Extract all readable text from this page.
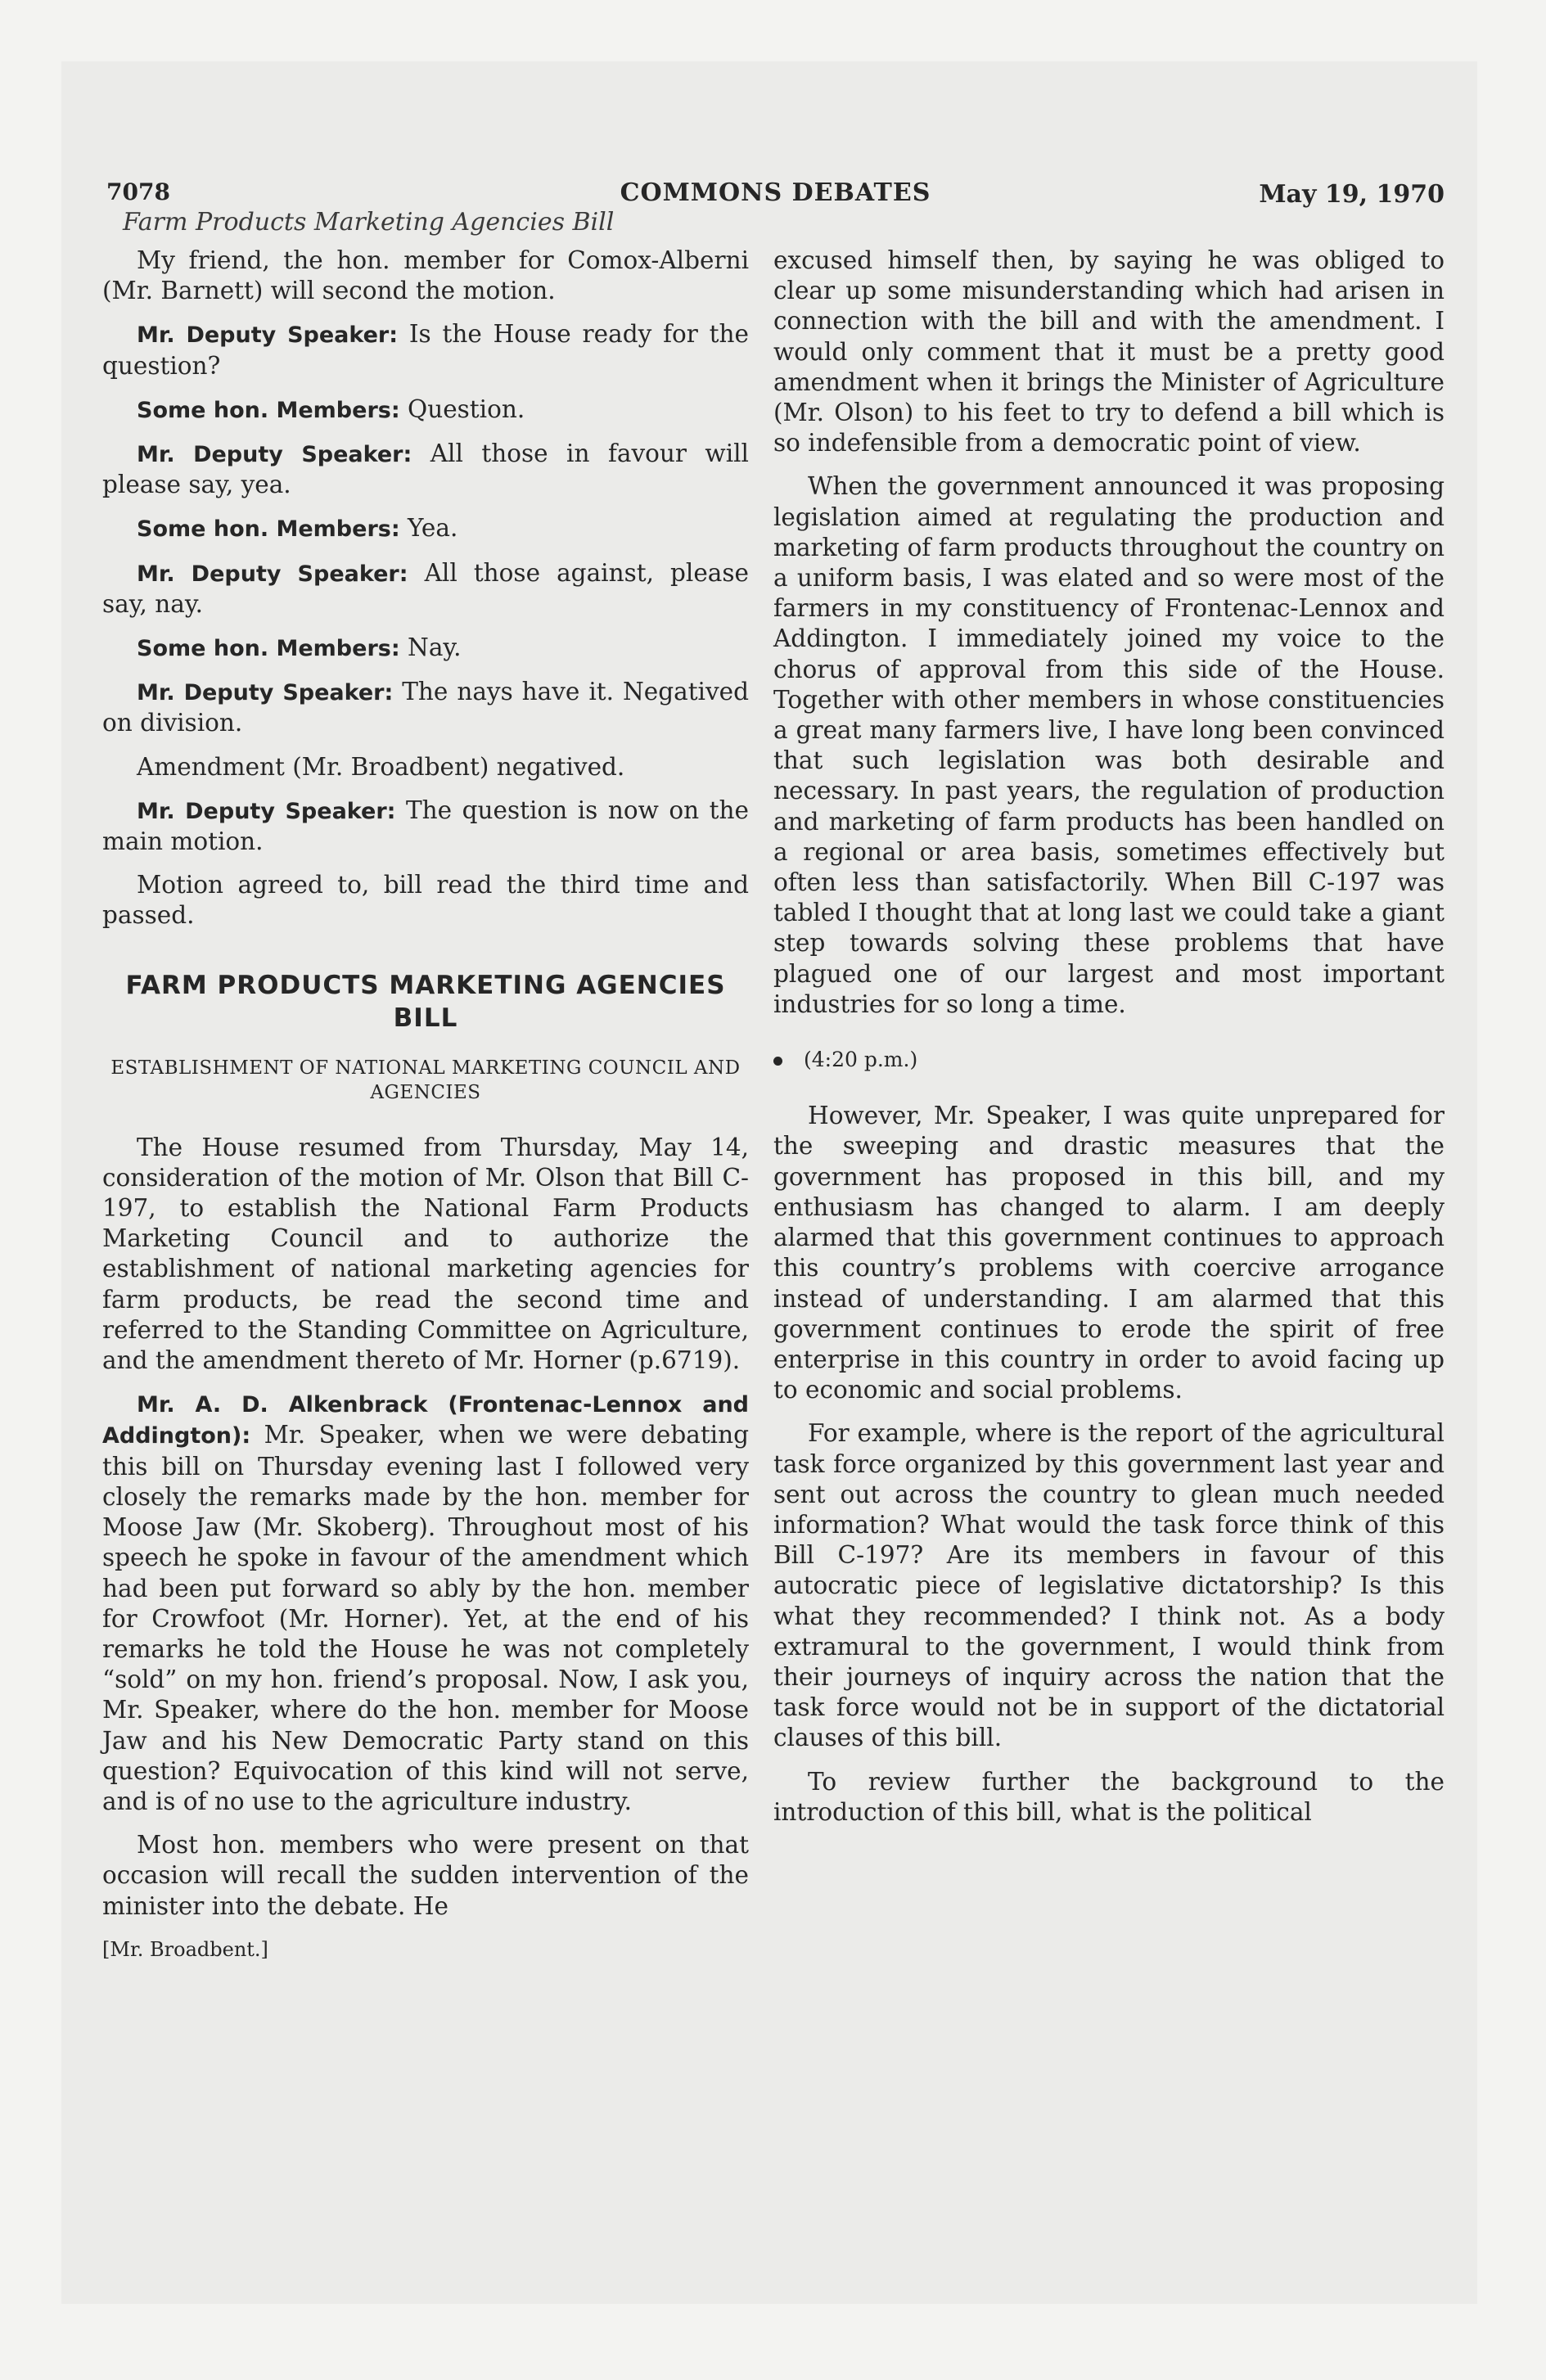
7078	COMMONS DEBATES	May 19, 1970
Farm Products Marketing Agencies Bill

My friend, the hon. member for Comox-Alberni (Mr. Barnett) will second the motion.

Mr. Deputy Speaker: Is the House ready for the question?

Some hon. Members: Question.

Mr. Deputy Speaker: All those in favour will please say, yea.

Some hon. Members: Yea.

Mr. Deputy Speaker: All those against, please say, nay.

Some hon. Members: Nay.

Mr. Deputy Speaker: The nays have it. Negatived on division.

Amendment (Mr. Broadbent) negatived.

Mr. Deputy Speaker: The question is now on the main motion.

Motion agreed to, bill read the third time and passed.

FARM PRODUCTS MARKETING AGENCIES BILL
ESTABLISHMENT OF NATIONAL MARKETING COUNCIL AND AGENCIES

The House resumed from Thursday, May 14, consideration of the motion of Mr. Olson that Bill C-197, to establish the National Farm Products Marketing Council and to authorize the establishment of national marketing agencies for farm products, be read the second time and referred to the Standing Committee on Agriculture, and the amendment thereto of Mr. Horner (p.6719).

Mr. A. D. Alkenbrack (Frontenac-Lennox and Addington): Mr. Speaker, when we were debating this bill on Thursday evening last I followed very closely the remarks made by the hon. member for Moose Jaw (Mr. Skoberg). Throughout most of his speech he spoke in favour of the amendment which had been put forward so ably by the hon. member for Crowfoot (Mr. Horner). Yet, at the end of his remarks he told the House he was not completely “sold” on my hon. friend’s proposal. Now, I ask you, Mr. Speaker, where do the hon. member for Moose Jaw and his New Democratic Party stand on this question? Equivocation of this kind will not serve, and is of no use to the agriculture industry.

Most hon. members who were present on that occasion will recall the sudden intervention of the minister into the debate. He

[Mr. Broadbent.]

excused himself then, by saying he was obliged to clear up some misunderstanding which had arisen in connection with the bill and with the amendment. I would only comment that it must be a pretty good amendment when it brings the Minister of Agriculture (Mr. Olson) to his feet to try to defend a bill which is so indefensible from a democratic point of view.

When the government announced it was proposing legislation aimed at regulating the production and marketing of farm products throughout the country on a uniform basis, I was elated and so were most of the farmers in my constituency of Frontenac-Lennox and Addington. I immediately joined my voice to the chorus of approval from this side of the House. Together with other members in whose constituencies a great many farmers live, I have long been convinced that such legislation was both desirable and necessary. In past years, the regulation of production and marketing of farm products has been handled on a regional or area basis, sometimes effectively but often less than satisfactorily. When Bill C-197 was tabled I thought that at long last we could take a giant step towards solving these problems that have plagued one of our largest and most important industries for so long a time.

(4:20 p.m.)

However, Mr. Speaker, I was quite unprepared for the sweeping and drastic measures that the government has proposed in this bill, and my enthusiasm has changed to alarm. I am deeply alarmed that this government continues to approach this country’s problems with coercive arrogance instead of understanding. I am alarmed that this government continues to erode the spirit of free enterprise in this country in order to avoid facing up to economic and social problems.

For example, where is the report of the agricultural task force organized by this government last year and sent out across the country to glean much needed information? What would the task force think of this Bill C-197? Are its members in favour of this autocratic piece of legislative dictatorship? Is this what they recommended? I think not. As a body extramural to the government, I would think from their journeys of inquiry across the nation that the task force would not be in support of the dictatorial clauses of this bill.

To review further the background to the introduction of this bill, what is the political
